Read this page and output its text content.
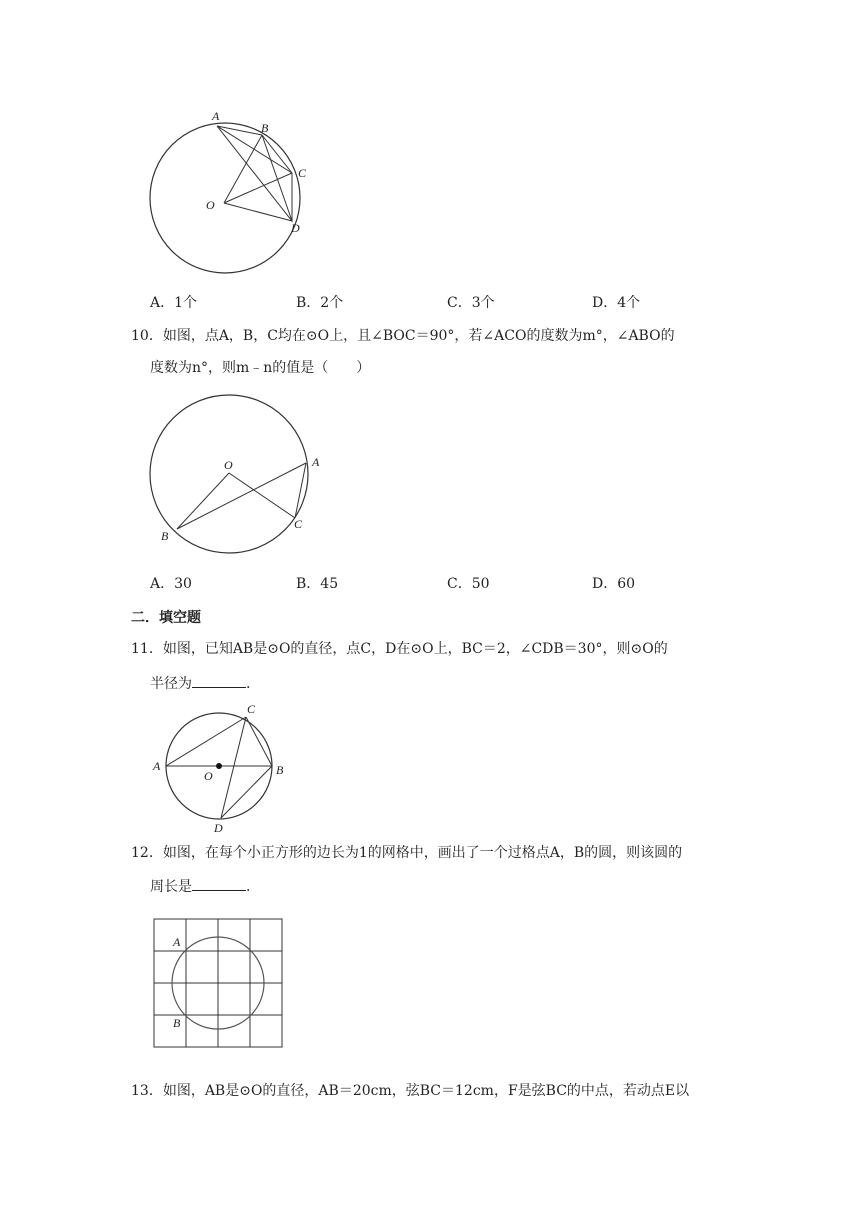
A
B
C
D
O
A．1个	B．2个	C．3个	D．4个
10．如图，点A，B，C均在⊙O上，且∠BOC＝90°，若∠ACO的度数为m°，∠ABO的
度数为n°，则m﹣n的值是（　　）
O	A
B
C
A．30	B．45	C．50	D．60
二．填空题
11．如图，已知AB是⊙O的直径，点C，D在⊙O上，BC＝2，∠CDB＝30°，则⊙O的
半径为	.
A	B
C
D
O
12．如图，在每个小正方形的边长为1的网格中，画出了一个过格点A，B的圆，则该圆的
周长是	.
A
B
13．如图，AB是⊙O的直径，AB＝20cm，弦BC＝12cm，F是弦BC的中点，若动点E以
